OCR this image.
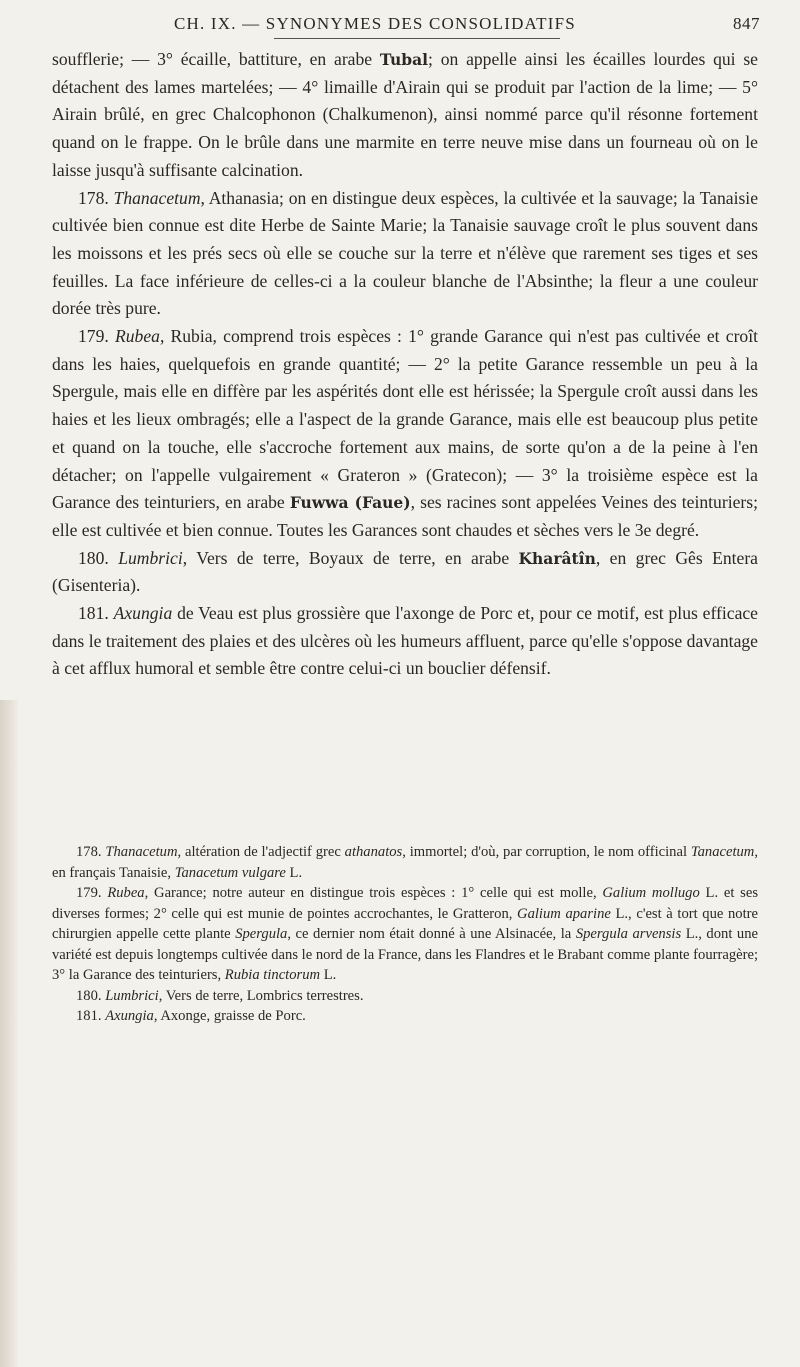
CH. IX. — SYNONYMES DES CONSOLIDATIFS	847

soufflerie; — 3° écaille, battiture, en arabe Tubal; on appelle ainsi les écailles lourdes qui se détachent des lames martelées; — 4° limaille d'Airain qui se produit par l'action de la lime; — 5° Airain brûlé, en grec Chalcophonon (Chalkumenon), ainsi nommé parce qu'il résonne fortement quand on le frappe. On le brûle dans une marmite en terre neuve mise dans un fourneau où on le laisse jusqu'à suffisante calcination.

178. Thanacetum, Athanasia; on en distingue deux espèces, la cultivée et la sauvage; la Tanaisie cultivée bien connue est dite Herbe de Sainte Marie; la Tanaisie sauvage croît le plus souvent dans les moissons et les prés secs où elle se couche sur la terre et n'élève que rarement ses tiges et ses feuilles. La face inférieure de celles-ci a la couleur blanche de l'Absinthe; la fleur a une couleur dorée très pure.

179. Rubea, Rubia, comprend trois espèces : 1° grande Garance qui n'est pas cultivée et croît dans les haies, quelquefois en grande quantité; — 2° la petite Garance ressemble un peu à la Spergule, mais elle en diffère par les aspérités dont elle est hérissée; la Spergule croît aussi dans les haies et les lieux ombragés; elle a l'aspect de la grande Garance, mais elle est beaucoup plus petite et quand on la touche, elle s'accroche fortement aux mains, de sorte qu'on a de la peine à l'en détacher; on l'appelle vulgairement « Grateron » (Gratecon); — 3° la troisième espèce est la Garance des teinturiers, en arabe Fuwwa (Faue), ses racines sont appelées Veines des teinturiers; elle est cultivée et bien connue. Toutes les Garances sont chaudes et sèches vers le 3e degré.

180. Lumbrici, Vers de terre, Boyaux de terre, en arabe Kharâtîn, en grec Gês Entera (Gisenteria).

181. Axungia de Veau est plus grossière que l'axonge de Porc et, pour ce motif, est plus efficace dans le traitement des plaies et des ulcères où les humeurs affluent, parce qu'elle s'oppose davantage à cet afflux humoral et semble être contre celui-ci un bouclier défensif.

178. Thanacetum, altération de l'adjectif grec athanatos, immortel; d'où, par corruption, le nom officinal Tanacetum, en français Tanaisie, Tanacetum vulgare L.

179. Rubea, Garance; notre auteur en distingue trois espèces : 1° celle qui est molle, Galium mollugo L. et ses diverses formes; 2° celle qui est munie de pointes accrochantes, le Gratteron, Galium aparine L., c'est à tort que notre chirurgien appelle cette plante Spergula, ce dernier nom était donné à une Alsinacée, la Spergula arvensis L., dont une variété est depuis longtemps cultivée dans le nord de la France, dans les Flandres et le Brabant comme plante fourragère; 3° la Garance des teinturiers, Rubia tinctorum L.

180. Lumbrici, Vers de terre, Lombrics terrestres.

181. Axungia, Axonge, graisse de Porc.
